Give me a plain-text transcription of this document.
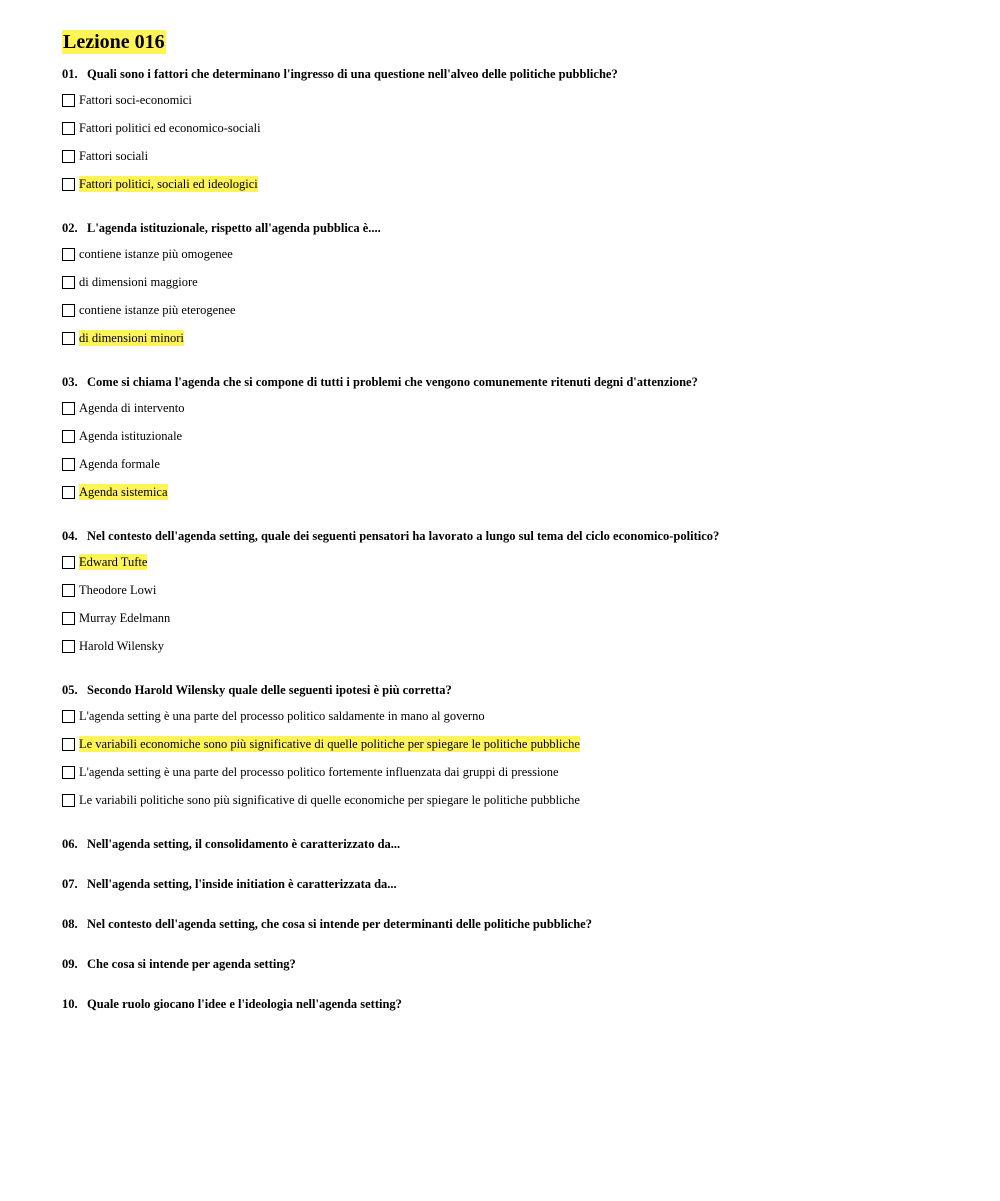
Lezione 016

01. Quali sono i fattori che determinano l'ingresso di una questione nell'alveo delle politiche pubbliche?

Fattori soci-economici
Fattori politici ed economico-sociali
Fattori sociali
Fattori politici, sociali ed ideologici

02. L'agenda istituzionale, rispetto all'agenda pubblica è....

contiene istanze più omogenee
di dimensioni maggiore
contiene istanze più eterogenee
di dimensioni minori

03. Come si chiama l'agenda che si compone di tutti i problemi che vengono comunemente ritenuti degni d'attenzione?

Agenda di intervento
Agenda istituzionale
Agenda formale
Agenda sistemica

04. Nel contesto dell'agenda setting, quale dei seguenti pensatori ha lavorato a lungo sul tema del ciclo economico-politico?

Edward Tufte
Theodore Lowi
Murray Edelmann
Harold Wilensky

05. Secondo Harold Wilensky quale delle seguenti ipotesi è più corretta?

L'agenda setting è una parte del processo politico saldamente in mano al governo
Le variabili economiche sono più significative di quelle politiche per spiegare le politiche pubbliche
L'agenda setting è una parte del processo politico fortemente influenzata dai gruppi di pressione
Le variabili politiche sono più significative di quelle economiche per spiegare le politiche pubbliche

06. Nell'agenda setting, il consolidamento è caratterizzato da...

07. Nell'agenda setting, l'inside initiation è caratterizzata da...

08. Nel contesto dell'agenda setting, che cosa si intende per determinanti delle politiche pubbliche?

09. Che cosa si intende per agenda setting?

10. Quale ruolo giocano l'idee e l'ideologia nell'agenda setting?
